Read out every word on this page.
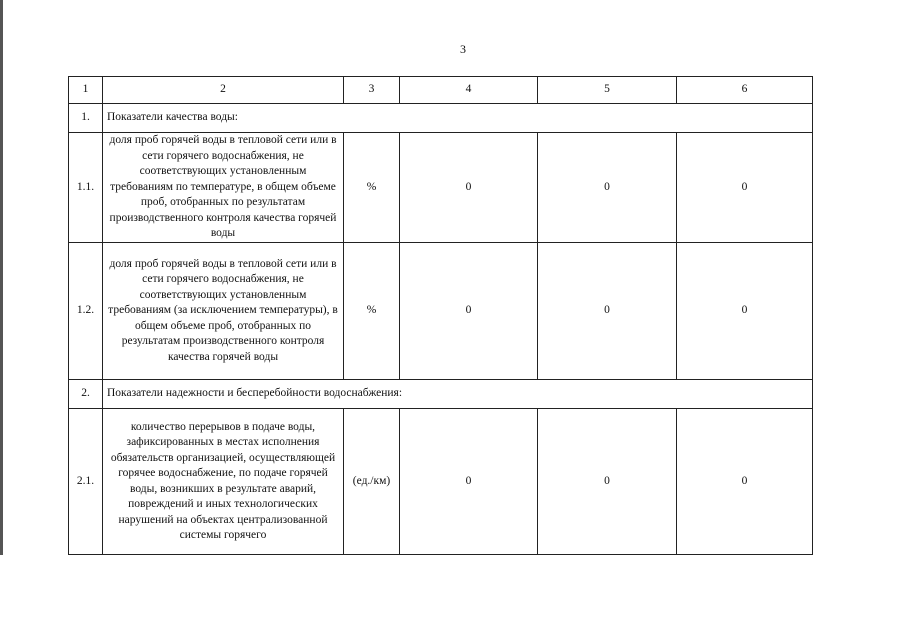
3
1	2	3	4	5	6
1.	Показатели качества воды:				
1.1.	доля проб горячей воды в тепловой сети или в сети горячего водоснабжения, не соответствующих установленным требованиям по температуре, в общем объеме проб, отобранных по результатам производственного контроля качества горячей воды	%	0	0	0
1.2.	доля проб горячей воды в тепловой сети или в сети горячего водоснабжения, не соответствующих установленным требованиям (за исключением температуры), в общем объеме проб, отобранных по результатам производственного контроля качества горячей воды	%	0	0	0
2.	Показатели надежности и бесперебойности водоснабжения:				
2.1.	количество перерывов в подаче воды, зафиксированных в местах исполнения обязательств организацией, осуществляющей горячее водоснабжение, по подаче горячей воды, возникших в результате аварий, повреждений и иных технологических нарушений на объектах централизованной системы горячего	(ед./км)	0	0	0
